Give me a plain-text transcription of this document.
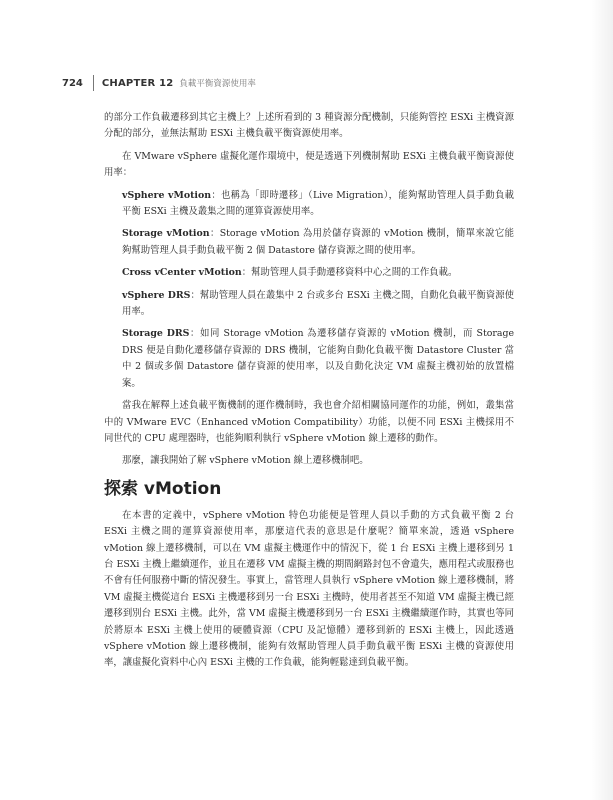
724 CHAPTER 12 負載平衡資源使用率

的部分工作負載遷移到其它主機上？上述所看到的 3 種資源分配機制，只能夠管控 ESXi 主機資源分配的部分，並無法幫助 ESXi 主機負載平衡資源使用率。

在 VMware vSphere 虛擬化運作環境中，便是透過下列機制幫助 ESXi 主機負載平衡資源使用率：

vSphere vMotion：也稱為「即時遷移」（Live Migration），能夠幫助管理人員手動負載平衡 ESXi 主機及叢集之間的運算資源使用率。

Storage vMotion：Storage vMotion 為用於儲存資源的 vMotion 機制，簡單來說它能夠幫助管理人員手動負載平衡 2 個 Datastore 儲存資源之間的使用率。

Cross vCenter vMotion：幫助管理人員手動遷移資料中心之間的工作負載。

vSphere DRS：幫助管理人員在叢集中 2 台或多台 ESXi 主機之間，自動化負載平衡資源使用率。

Storage DRS：如同 Storage vMotion 為遷移儲存資源的 vMotion 機制，而 Storage DRS 便是自動化遷移儲存資源的 DRS 機制，它能夠自動化負載平衡 Datastore Cluster 當中 2 個或多個 Datastore 儲存資源的使用率，以及自動化決定 VM 虛擬主機初始的放置檔案。

當我在解釋上述負載平衡機制的運作機制時，我也會介紹相關協同運作的功能，例如，叢集當中的 VMware EVC（Enhanced vMotion Compatibility）功能，以便不同 ESXi 主機採用不同世代的 CPU 處理器時，也能夠順利執行 vSphere vMotion 線上遷移的動作。

那麼，讓我開始了解 vSphere vMotion 線上遷移機制吧。

探索 vMotion

在本書的定義中，vSphere vMotion 特色功能便是管理人員以手動的方式負載平衡 2 台 ESXi 主機之間的運算資源使用率，那麼這代表的意思是什麼呢？簡單來說，透過 vSphere vMotion 線上遷移機制，可以在 VM 虛擬主機運作中的情況下，從 1 台 ESXi 主機上遷移到另 1 台 ESXi 主機上繼續運作，並且在遷移 VM 虛擬主機的期間網路封包不會遺失，應用程式或服務也不會有任何服務中斷的情況發生。事實上，當管理人員執行 vSphere vMotion 線上遷移機制，將 VM 虛擬主機從這台 ESXi 主機遷移到另一台 ESXi 主機時，使用者甚至不知道 VM 虛擬主機已經遷移到別台 ESXi 主機。此外，當 VM 虛擬主機遷移到另一台 ESXi 主機繼續運作時，其實也等同於將原本 ESXi 主機上使用的硬體資源（CPU 及記憶體）遷移到新的 ESXi 主機上，因此透過 vSphere vMotion 線上遷移機制，能夠有效幫助管理人員手動負載平衡 ESXi 主機的資源使用率，讓虛擬化資料中心內 ESXi 主機的工作負載，能夠輕鬆達到負載平衡。
